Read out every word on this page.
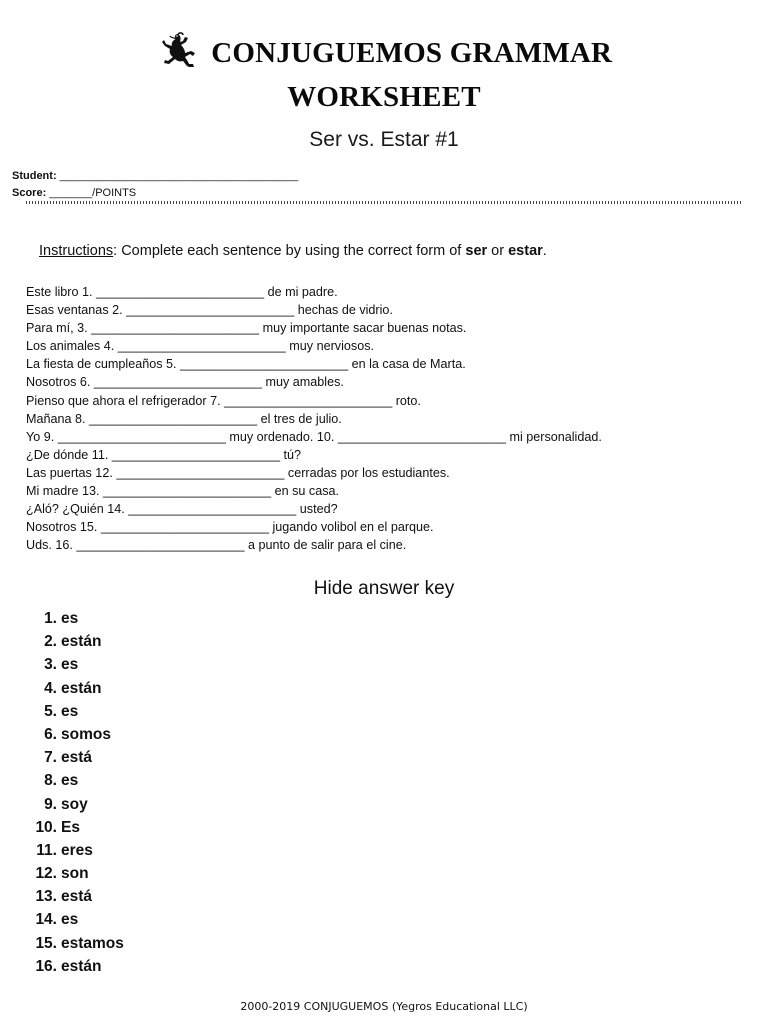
CONJUGUEMOS GRAMMAR
WORKSHEET
Ser vs. Estar #1
Student: _______________________________________
Score: _______/POINTS
Instructions: Complete each sentence by using the correct form of ser or estar.
Este libro 1. ________________________ de mi padre.
Esas ventanas 2. ________________________ hechas de vidrio.
Para mí, 3. ________________________ muy importante sacar buenas notas.
Los animales 4. ________________________ muy nerviosos.
La fiesta de cumpleaños 5. ________________________ en la casa de Marta.
Nosotros 6. ________________________ muy amables.
Pienso que ahora el refrigerador 7. ________________________ roto.
Mañana 8. ________________________ el tres de julio.
Yo 9. ________________________ muy ordenado. 10. ________________________ mi personalidad.
¿De dónde 11. ________________________ tú?
Las puertas 12. ________________________ cerradas por los estudiantes.
Mi madre 13. ________________________ en su casa.
¿Aló? ¿Quién 14. ________________________ usted?
Nosotros 15. ________________________ jugando volibol en el parque.
Uds. 16. ________________________ a punto de salir para el cine.
Hide answer key
1. es
2. están
3. es
4. están
5. es
6. somos
7. está
8. es
9. soy
10. Es
11. eres
12. son
13. está
14. es
15. estamos
16. están
2000-2019 CONJUGUEMOS (Yegros Educational LLC)
